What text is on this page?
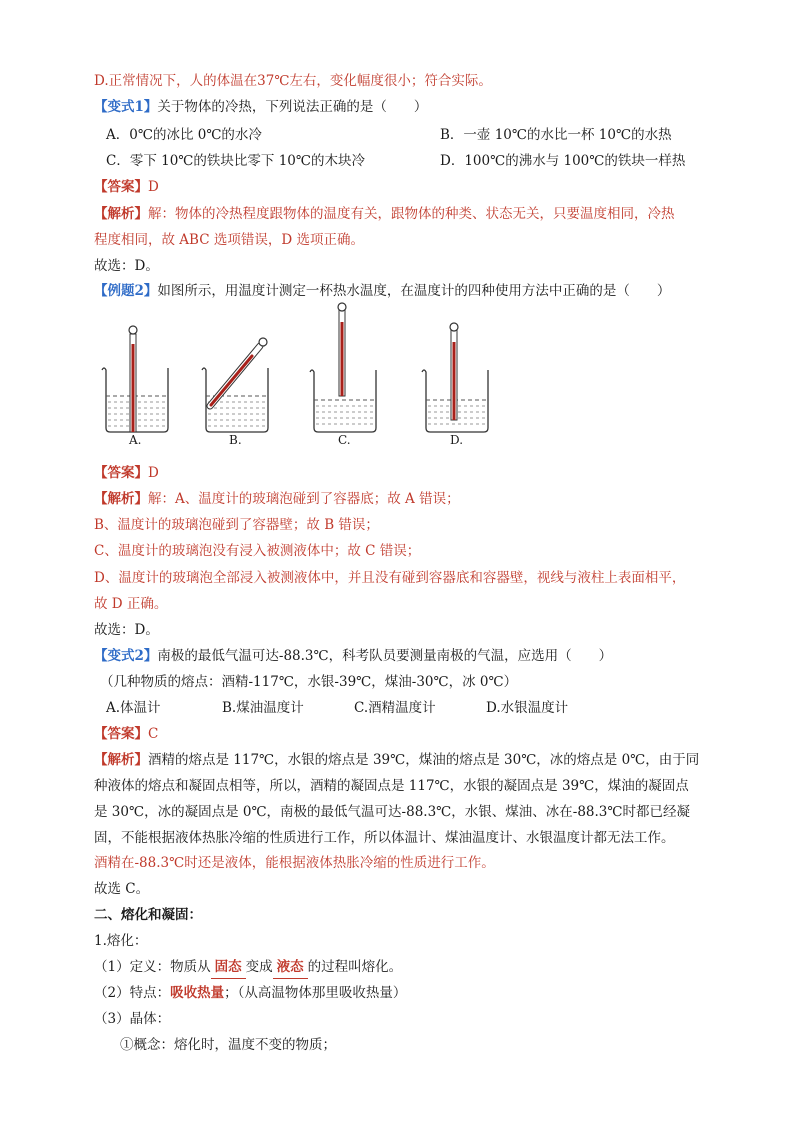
D.正常情况下，人的体温在37℃左右，变化幅度很小；符合实际。
【变式1】关于物体的冷热，下列说法正确的是（　　）
A．0℃的冰比 0℃的水冷	B．一壶 10℃的水比一杯 10℃的水热
C．零下 10℃的铁块比零下 10℃的木块冷	D．100℃的沸水与 100℃的铁块一样热
【答案】D
【解析】解：物体的冷热程度跟物体的温度有关，跟物体的种类、状态无关，只要温度相同，冷热
程度相同，故 ABC 选项错误，D 选项正确。
故选：D。
【例题2】如图所示，用温度计测定一杯热水温度，在温度计的四种使用方法中正确的是（　　）
A.	B.	C.	D.
【答案】D
【解析】解：A、温度计的玻璃泡碰到了容器底；故 A 错误；
B、温度计的玻璃泡碰到了容器壁；故 B 错误；
C、温度计的玻璃泡没有浸入被测液体中；故 C 错误；
D、温度计的玻璃泡全部浸入被测液体中，并且没有碰到容器底和容器壁，视线与液柱上表面相平，
故 D 正确。
故选：D。
【变式2】南极的最低气温可达-88.3℃，科考队员要测量南极的气温，应选用（　　）
（几种物质的熔点：酒精-117℃，水银-39℃，煤油-30℃，冰 0℃）
A.体温计	B.煤油温度计	C.酒精温度计	D.水银温度计
【答案】C
【解析】酒精的熔点是 117℃，水银的熔点是 39℃，煤油的熔点是 30℃，冰的熔点是 0℃，由于同
种液体的熔点和凝固点相等，所以，酒精的凝固点是 117℃，水银的凝固点是 39℃，煤油的凝固点
是 30℃，冰的凝固点是 0℃，南极的最低气温可达-88.3℃，水银、煤油、冰在-88.3℃时都已经凝
固，不能根据液体热胀冷缩的性质进行工作，所以体温计、煤油温度计、水银温度计都无法工作。
酒精在-88.3℃时还是液体，能根据液体热胀冷缩的性质进行工作。
故选 C。
二、熔化和凝固：
1.熔化：
（1）定义：物质从 固态 变成 液态 的过程叫熔化。
（2）特点：吸收热量；（从高温物体那里吸收热量）
（3）晶体：
①概念：熔化时，温度不变的物质；
